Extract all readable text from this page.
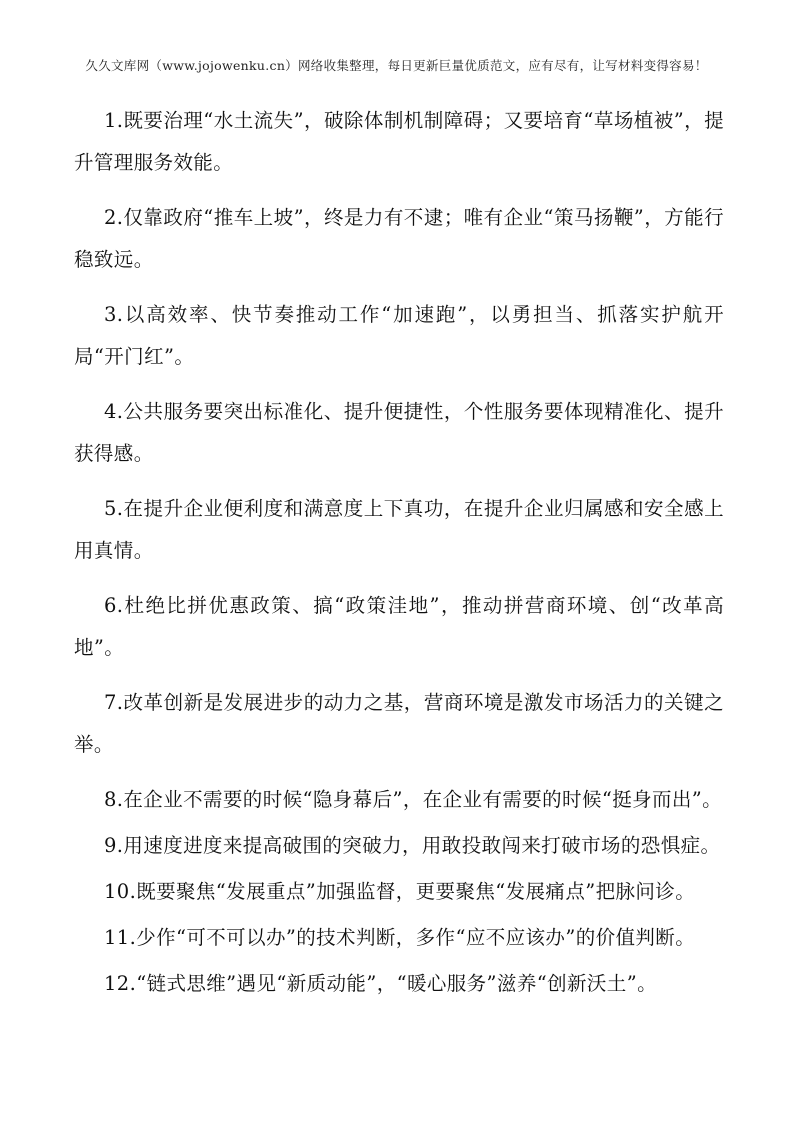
久久文库网（www.jojowenku.cn）网络收集整理，每日更新巨量优质范文，应有尽有，让写材料变得容易！

1.既要治理“水土流失”，破除体制机制障碍；又要培育“草场植被”，提升管理服务效能。

2.仅靠政府“推车上坡”，终是力有不逮；唯有企业“策马扬鞭”，方能行稳致远。

3.以高效率、快节奏推动工作“加速跑”，以勇担当、抓落实护航开局“开门红”。

4.公共服务要突出标准化、提升便捷性，个性服务要体现精准化、提升获得感。

5.在提升企业便利度和满意度上下真功，在提升企业归属感和安全感上用真情。

6.杜绝比拼优惠政策、搞“政策洼地”，推动拼营商环境、创“改革高地”。

7.改革创新是发展进步的动力之基，营商环境是激发市场活力的关键之举。

8.在企业不需要的时候“隐身幕后”，在企业有需要的时候“挺身而出”。

9.用速度进度来提高破围的突破力，用敢投敢闯来打破市场的恐惧症。

10.既要聚焦“发展重点”加强监督，更要聚焦“发展痛点”把脉问诊。

11.少作“可不可以办”的技术判断，多作“应不应该办”的价值判断。

12.“链式思维”遇见“新质动能”，“暖心服务”滋养“创新沃土”。
